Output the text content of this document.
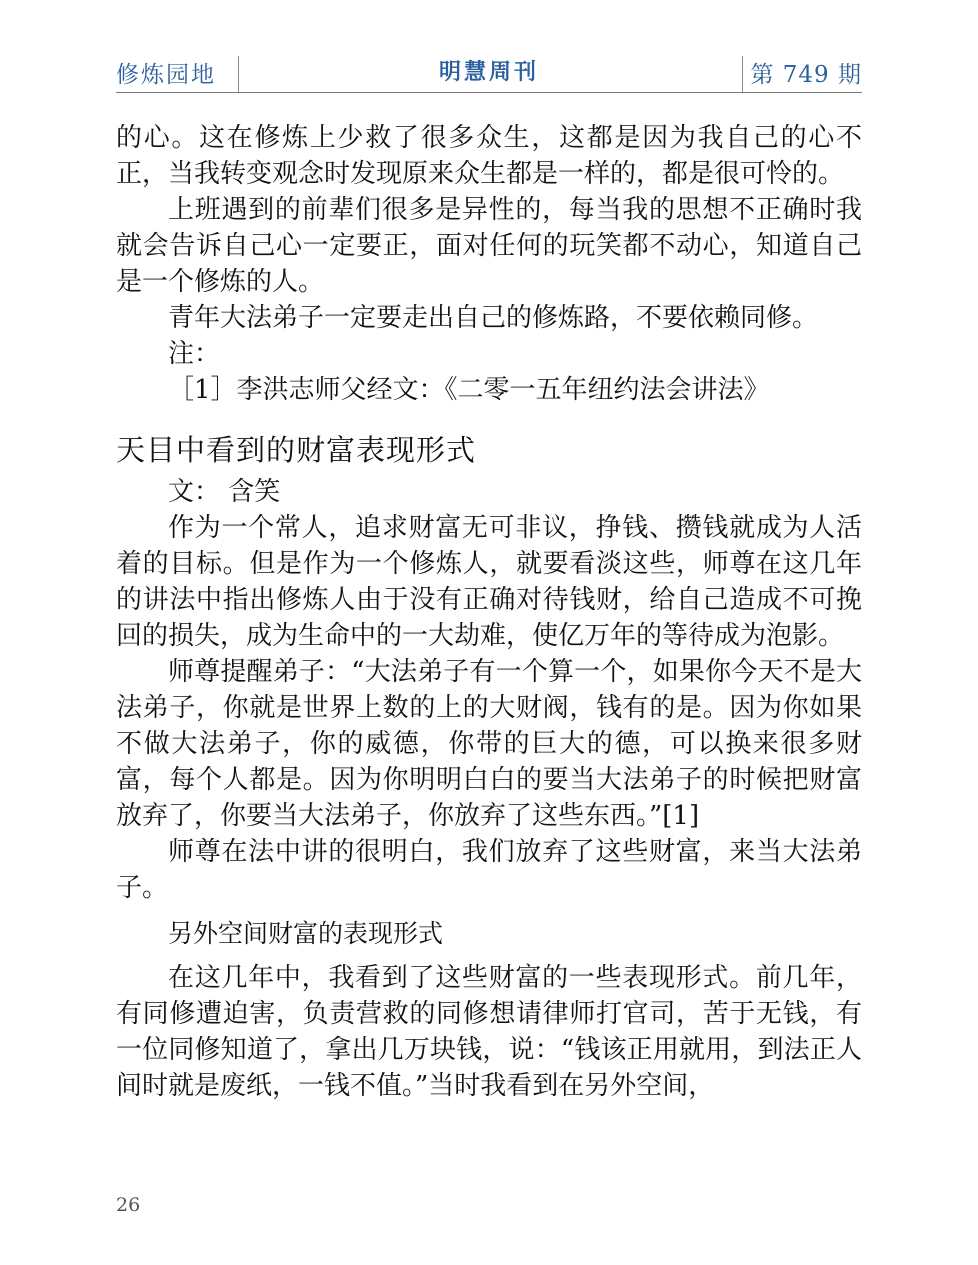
修炼园地	明慧周刊	第 749 期

的心。这在修炼上少救了很多众生，这都是因为我自己的心不正，当我转变观念时发现原来众生都是一样的，都是很可怜的。

上班遇到的前辈们很多是异性的，每当我的思想不正确时我就会告诉自己心一定要正，面对任何的玩笑都不动心，知道自己是一个修炼的人。

青年大法弟子一定要走出自己的修炼路，不要依赖同修。

注：

［1］李洪志师父经文：《二零一五年纽约法会讲法》

天目中看到的财富表现形式

文： 含笑

作为一个常人，追求财富无可非议，挣钱、攒钱就成为人活着的目标。但是作为一个修炼人，就要看淡这些，师尊在这几年的讲法中指出修炼人由于没有正确对待钱财，给自己造成不可挽回的损失，成为生命中的一大劫难，使亿万年的等待成为泡影。

师尊提醒弟子：“大法弟子有一个算一个，如果你今天不是大法弟子，你就是世界上数的上的大财阀，钱有的是。因为你如果不做大法弟子，你的威德，你带的巨大的德，可以换来很多财富，每个人都是。因为你明明白白的要当大法弟子的时候把财富放弃了，你要当大法弟子，你放弃了这些东西。”[1]

师尊在法中讲的很明白，我们放弃了这些财富，来当大法弟子。

另外空间财富的表现形式

在这几年中，我看到了这些财富的一些表现形式。前几年，有同修遭迫害，负责营救的同修想请律师打官司，苦于无钱，有一位同修知道了，拿出几万块钱，说：“钱该正用就用，到法正人间时就是废纸，一钱不值。”当时我看到在另外空间，

26
